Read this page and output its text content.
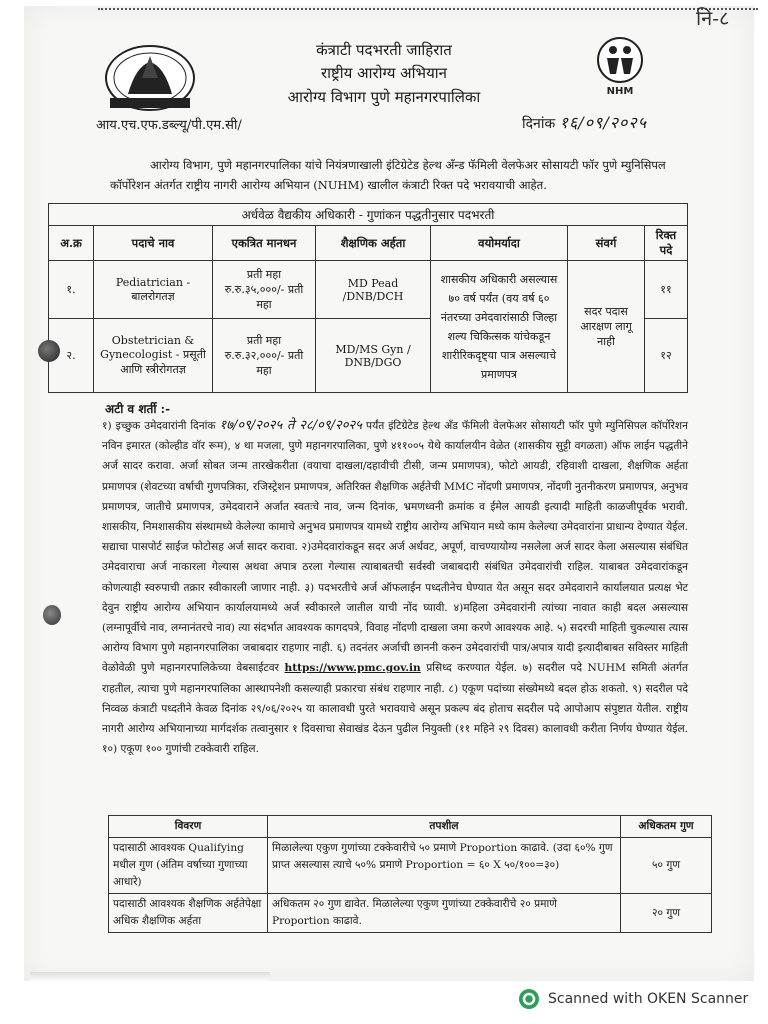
नि-८
NHM
कंत्राटी पदभरती जाहिरात
राष्ट्रीय आरोग्य अभियान
आरोग्य विभाग पुणे महानगरपालिका
आय.एच.एफ.डब्ल्यू/पी.एम.सी/	दिनांक १६/०९/२०२५
आरोग्य विभाग, पुणे महानगरपालिका यांचे नियंत्रणाखाली इंटिग्रेटेड हेल्थ अँन्ड फॅमिली वेलफेअर सोसायटी फॉर पुणे म्युनिसिपल कॉर्पोरेशन अंतर्गत राष्ट्रीय नागरी आरोग्य अभियान (NUHM) खालील कंत्राटी रिक्त पदे भरावयाची आहेत.
अर्धवेळ वैद्यकीय अधिकारी - गुणांकन पद्धतीनुसार पदभरती						
अ.क्र	पदाचे नाव	एकत्रित मानधन	शैक्षणिक अर्हता	वयोमर्यादा	संवर्ग	रिक्त पदे
१.	Pediatrician - बालरोगतज्ञ	प्रती महा रु.रु.३५,०००/- प्रती महा	MD Pead /DNB/DCH	शासकीय अधिकारी असल्यास ७० वर्ष पर्यंत (वय वर्ष ६० नंतरच्या उमेदवारांसाठी जिल्हा शल्य चिकित्सक यांचेकडून शारीरिकदृष्ट्या पात्र असल्याचे प्रमाणपत्र	सदर पदास आरक्षण लागू नाही	११
२.	Obstetrician & Gynecologist - प्रसूती आणि स्त्रीरोगतज्ञ	प्रती महा रु.रु.३२,०००/- प्रती महा	MD/MS Gyn / DNB/DGO			१२
अटी व शर्ती :-
१) इच्छुक उमेदवारांनी दिनांक १७/०९/२०२५ ते २८/०९/२०२५ पर्यंत इंटिग्रेटेड हेल्थ अँड फॅमिली वेलफेअर सोसायटी फॉर पुणे म्युनिसिपल कॉर्पोरेशन नविन इमारत (कोल्हीड वॉर रूम), ४ था मजला, पुणे महानगरपालिका, पुणे ४११००५ येथे कार्यालयीन वेळेत (शासकीय सुट्टी वगळता) ऑफ लाईन पद्धतीने अर्ज सादर करावा. अर्जा सोबत जन्म तारखेकरीता (वयाचा दाखला/दहावीची टीसी, जन्म प्रमाणपत्र), फोटो आयडी, रहिवाशी दाखला, शैक्षणिक अर्हता प्रमाणपत्र (शेवटच्या वर्षाची गुणपत्रिका, रजिस्ट्रेशन प्रमाणपत्र, अतिरिक्त शैक्षणिक अर्हतेची MMC नोंदणी प्रमाणपत्र, नोंदणी नुतनीकरण प्रमाणपत्र, अनुभव प्रमाणपत्र, जातीचे प्रमाणपत्र, उमेदवाराने अर्जात स्वतःचे नाव, जन्म दिनांक, भ्रमणध्वनी क्रमांक व ईमेल आयडी इत्यादी माहिती काळजीपूर्वक भरावी. शासकीय, निमशासकीय संस्थामध्ये केलेल्या कामाचे अनुभव प्रमाणपत्र यामध्ये राष्ट्रीय आरोग्य अभियान मध्ये काम केलेल्या उमेदवारांना प्राधान्य देण्यात येईल. सद्याचा पासपोर्ट साईज फोटोसह अर्ज सादर करावा. २)उमेदवारांकडून सदर अर्ज अर्धवट, अपूर्ण, वाचण्यायोग्य नसलेला अर्ज सादर केला असल्यास संबंधित उमेदवाराचा अर्ज नाकारला गेल्यास अथवा अपात्र ठरला गेल्यास त्याबाबतची सर्वस्वी जबाबदारी संबंधित उमेदवारांची राहिल. याबाबत उमेदवारांकडून कोणत्याही स्वरुपाची तक्रार स्वीकारली जाणार नाही. ३) पदभरतीचे अर्ज ऑफलाईन पध्दतीनेच घेण्यात येत असून सदर उमेदवाराने कार्यालयात प्रत्यक्ष भेट देवुन राष्ट्रीय आरोग्य अभियान कार्यालयामध्ये अर्ज स्वीकारले जातील याची नोंद घ्यावी. ४)महिला उमेदवारांनी त्यांच्या नावात काही बदल असल्यास (लग्नापूर्वीचे नाव, लग्नानंतरचे नाव) त्या संदर्भात आवश्यक कागदपत्रे, विवाह नोंदणी दाखला जमा करणे आवश्यक आहे. ५) सदरची माहिती चुकल्यास त्यास आरोग्य विभाग पुणे महानगरपालिका जबाबदार राहणार नाही. ६) तदनंतर अर्जाची छाननी करुन उमेदवारांची पात्र/अपात्र यादी इत्यादीबाबत सविस्तर माहिती वेळोवेळी पुणे महानगरपालिकेच्या वेबसाईटवर https://www.pmc.gov.in प्रसिध्द करण्यात येईल. ७) सदरील पदे NUHM समिती अंतर्गत राहतील, त्याचा पुणे महानगरपालिका आस्थापनेशी कसल्याही प्रकारचा संबंध राहणार नाही. ८) एकूण पदांच्या संख्येमध्ये बदल होऊ शकतो. ९) सदरील पदे निव्वळ कंत्राटी पध्दतीने केवळ दिनांक २९/०६/२०२५ या कालावधी पुरते भरावयाचे असून प्रकल्प बंद होताच सदरील पदे आपोआप संपुष्टात येतील. राष्ट्रीय नागरी आरोग्य अभियानाच्या मार्गदर्शक तत्वानुसार १ दिवसाचा सेवाखंड देऊन पुढील नियुक्ती (११ महिने २९ दिवस) कालावधी करीता निर्णय घेण्यात येईल. १०) एकूण १०० गुणांची टक्केवारी राहिल.
विवरण	तपशील	अधिकतम गुण
पदासाठी आवश्यक Qualifying मधील गुण (अंतिम वर्षाच्या गुणाच्या आधारे)	मिळालेल्या एकुण गुणांच्या टक्केवारीचे ५० प्रमाणे Proportion काढावे. (उदा ६०% गुण प्राप्त असल्यास त्याचे ५०% प्रमाणे Proportion = ६० X ५०/१००=३०)	५० गुण
पदासाठी आवश्यक शैक्षणिक अर्हतेपेक्षा अधिक शैक्षणिक अर्हता	अधिकतम २० गुण द्यावेत. मिळालेल्या एकुण गुणांच्या टक्केवारीचे २० प्रमाणे Proportion काढावे.	२० गुण
Scanned with OKEN Scanner
